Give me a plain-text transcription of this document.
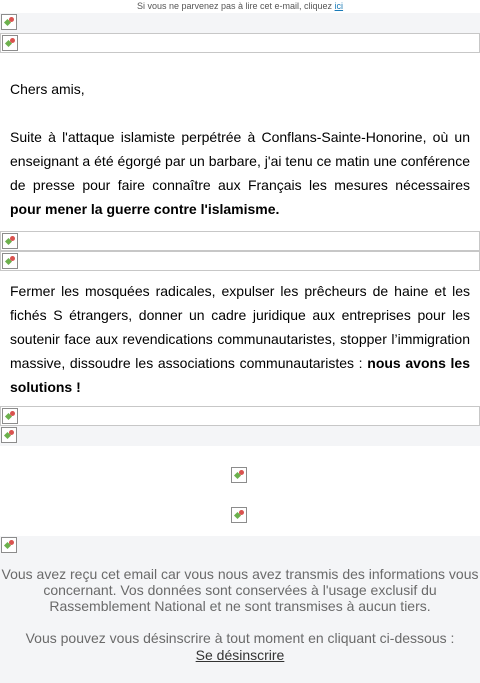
Si vous ne parvenez pas à lire cet e-mail, cliquez ici
Chers amis,
Suite à l'attaque islamiste perpétrée à Conflans-Sainte-Honorine, où un enseignant a été égorgé par un barbare, j'ai tenu ce matin une conférence de presse pour faire connaître aux Français les mesures nécessaires pour mener la guerre contre l'islamisme.
Fermer les mosquées radicales, expulser les prêcheurs de haine et les fichés S étrangers, donner un cadre juridique aux entreprises pour les soutenir face aux revendications communautaristes, stopper l’immigration massive, dissoudre les associations communautaristes : nous avons les solutions !
Vous avez reçu cet email car vous nous avez transmis des informations vous concernant. Vos données sont conservées à l'usage exclusif du Rassemblement National et ne sont transmises à aucun tiers.
Vous pouvez vous désinscrire à tout moment en cliquant ci-dessous :
Se désinscrire
